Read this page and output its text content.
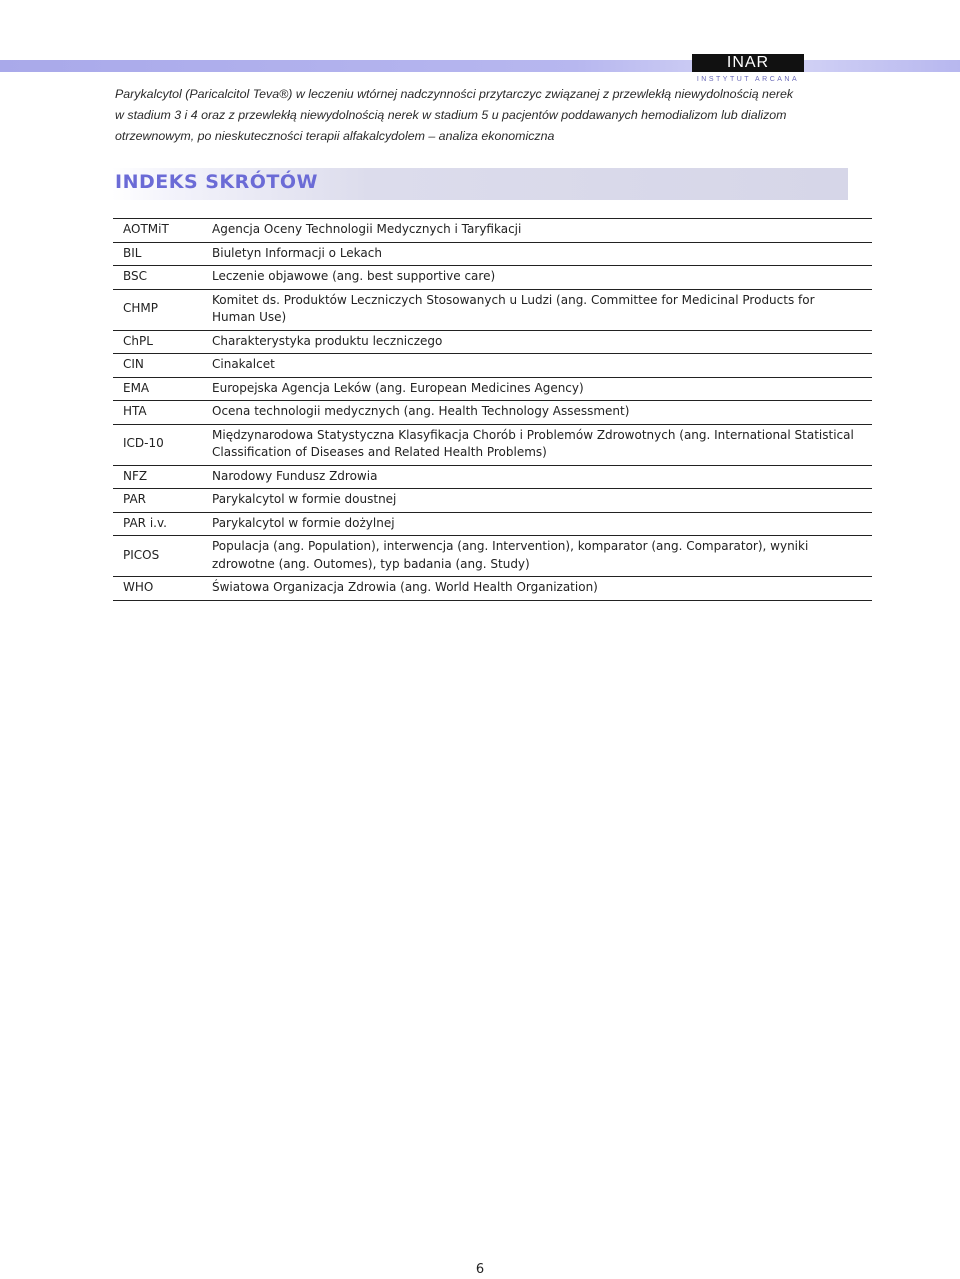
INAR
INSTYTUT ARCANA
Parykalcytol (Paricalcitol Teva®) w leczeniu wtórnej nadczynności przytarczyc związanej z przewlekłą niewydolnością nerek
w stadium 3 i 4 oraz z przewlekłą niewydolnością nerek w stadium 5 u pacjentów poddawanych hemodializom lub dializom
otrzewnowym, po nieskuteczności terapii alfakalcydolem – analiza ekonomiczna
INDEKS SKRÓTÓW
AOTMiT	Agencja Oceny Technologii Medycznych i Taryfikacji
BIL	Biuletyn Informacji o Lekach
BSC	Leczenie objawowe (ang. best supportive care)
CHMP	Komitet ds. Produktów Leczniczych Stosowanych u Ludzi (ang. Committee for Medicinal Products for Human Use)
ChPL	Charakterystyka produktu leczniczego
CIN	Cinakalcet
EMA	Europejska Agencja Leków (ang. European Medicines Agency)
HTA	Ocena technologii medycznych (ang. Health Technology Assessment)
ICD-10	Międzynarodowa Statystyczna Klasyfikacja Chorób i Problemów Zdrowotnych (ang. International Statistical Classification of Diseases and Related Health Problems)
NFZ	Narodowy Fundusz Zdrowia
PAR	Parykalcytol w formie doustnej
PAR i.v.	Parykalcytol w formie dożylnej
PICOS	Populacja (ang. Population), interwencja (ang. Intervention), komparator (ang. Comparator), wyniki zdrowotne (ang. Outomes), typ badania (ang. Study)
WHO	Światowa Organizacja Zdrowia (ang. World Health Organization)
6
